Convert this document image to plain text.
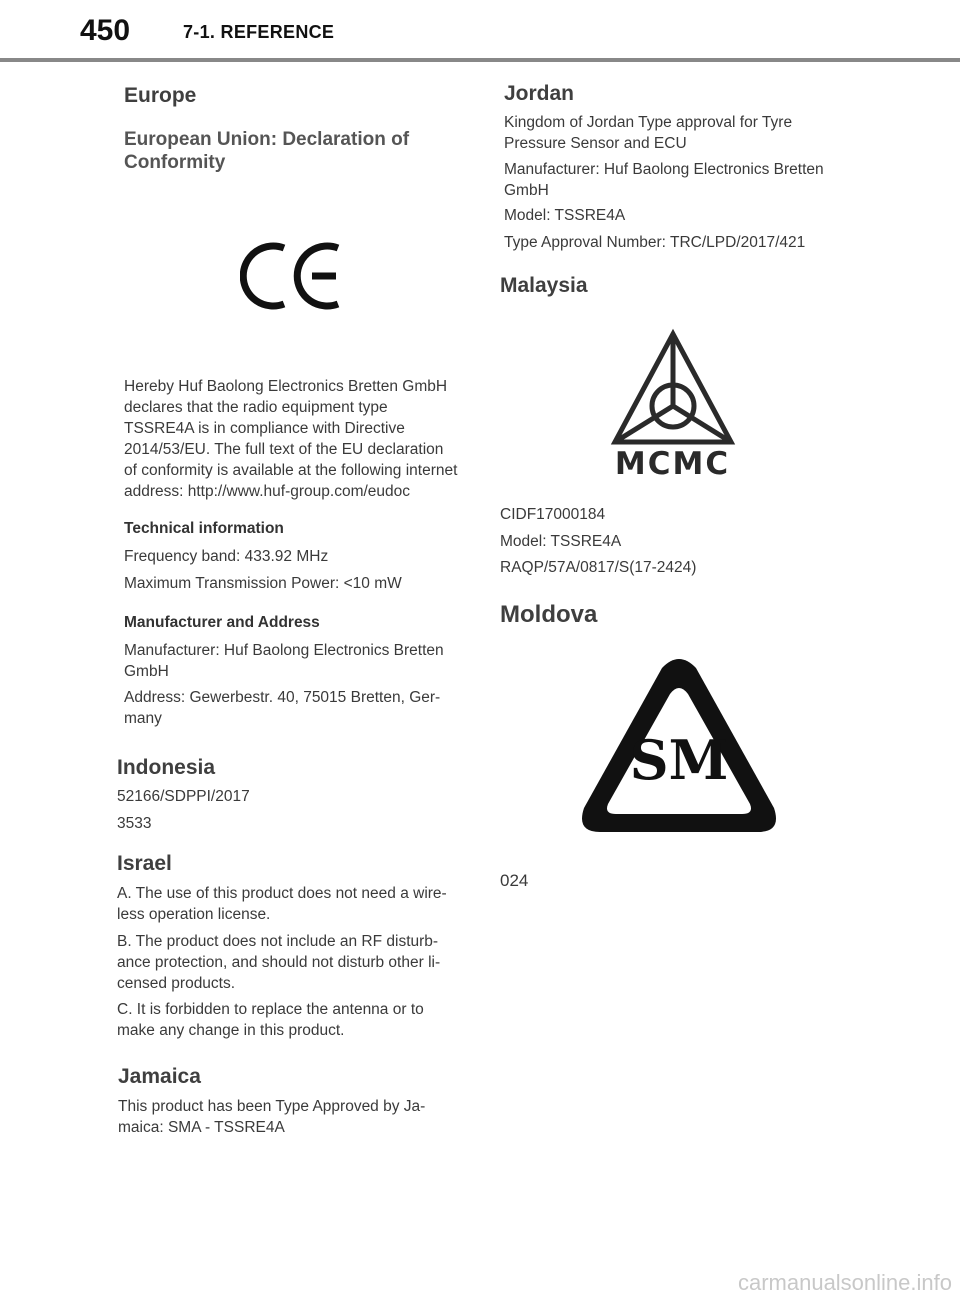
450	7-1. REFERENCE
Europe
European Union: Declaration of
Conformity
Hereby Huf Baolong Electronics Bretten GmbH
declares that the radio equipment type
TSSRE4A is in compliance with Directive
2014/53/EU. The full text of the EU declaration
of conformity is available at the following internet
address: http://www.huf-group.com/eudoc
Technical information
Frequency band: 433.92 MHz
Maximum Transmission Power: <10 mW
Manufacturer and Address
Manufacturer: Huf Baolong Electronics Bretten
GmbH
Address: Gewerbestr. 40, 75015 Bretten, Ger-
many
Indonesia
52166/SDPPI/2017
3533
Israel
A. The use of this product does not need a wire-
less operation license.
B. The product does not include an RF disturb-
ance protection, and should not disturb other li-
censed products.
C. It is forbidden to replace the antenna or to
make any change in this product.
Jamaica
This product has been Type Approved by Ja-
maica: SMA - TSSRE4A
Jordan
Kingdom of Jordan Type approval for Tyre
Pressure Sensor and ECU
Manufacturer: Huf Baolong Electronics Bretten
GmbH
Model: TSSRE4A
Type Approval Number: TRC/LPD/2017/421
Malaysia
MCMC
CIDF17000184
Model: TSSRE4A
RAQP/57A/0817/S(17-2424)
Moldova
SM
024
carmanualsonline.info
